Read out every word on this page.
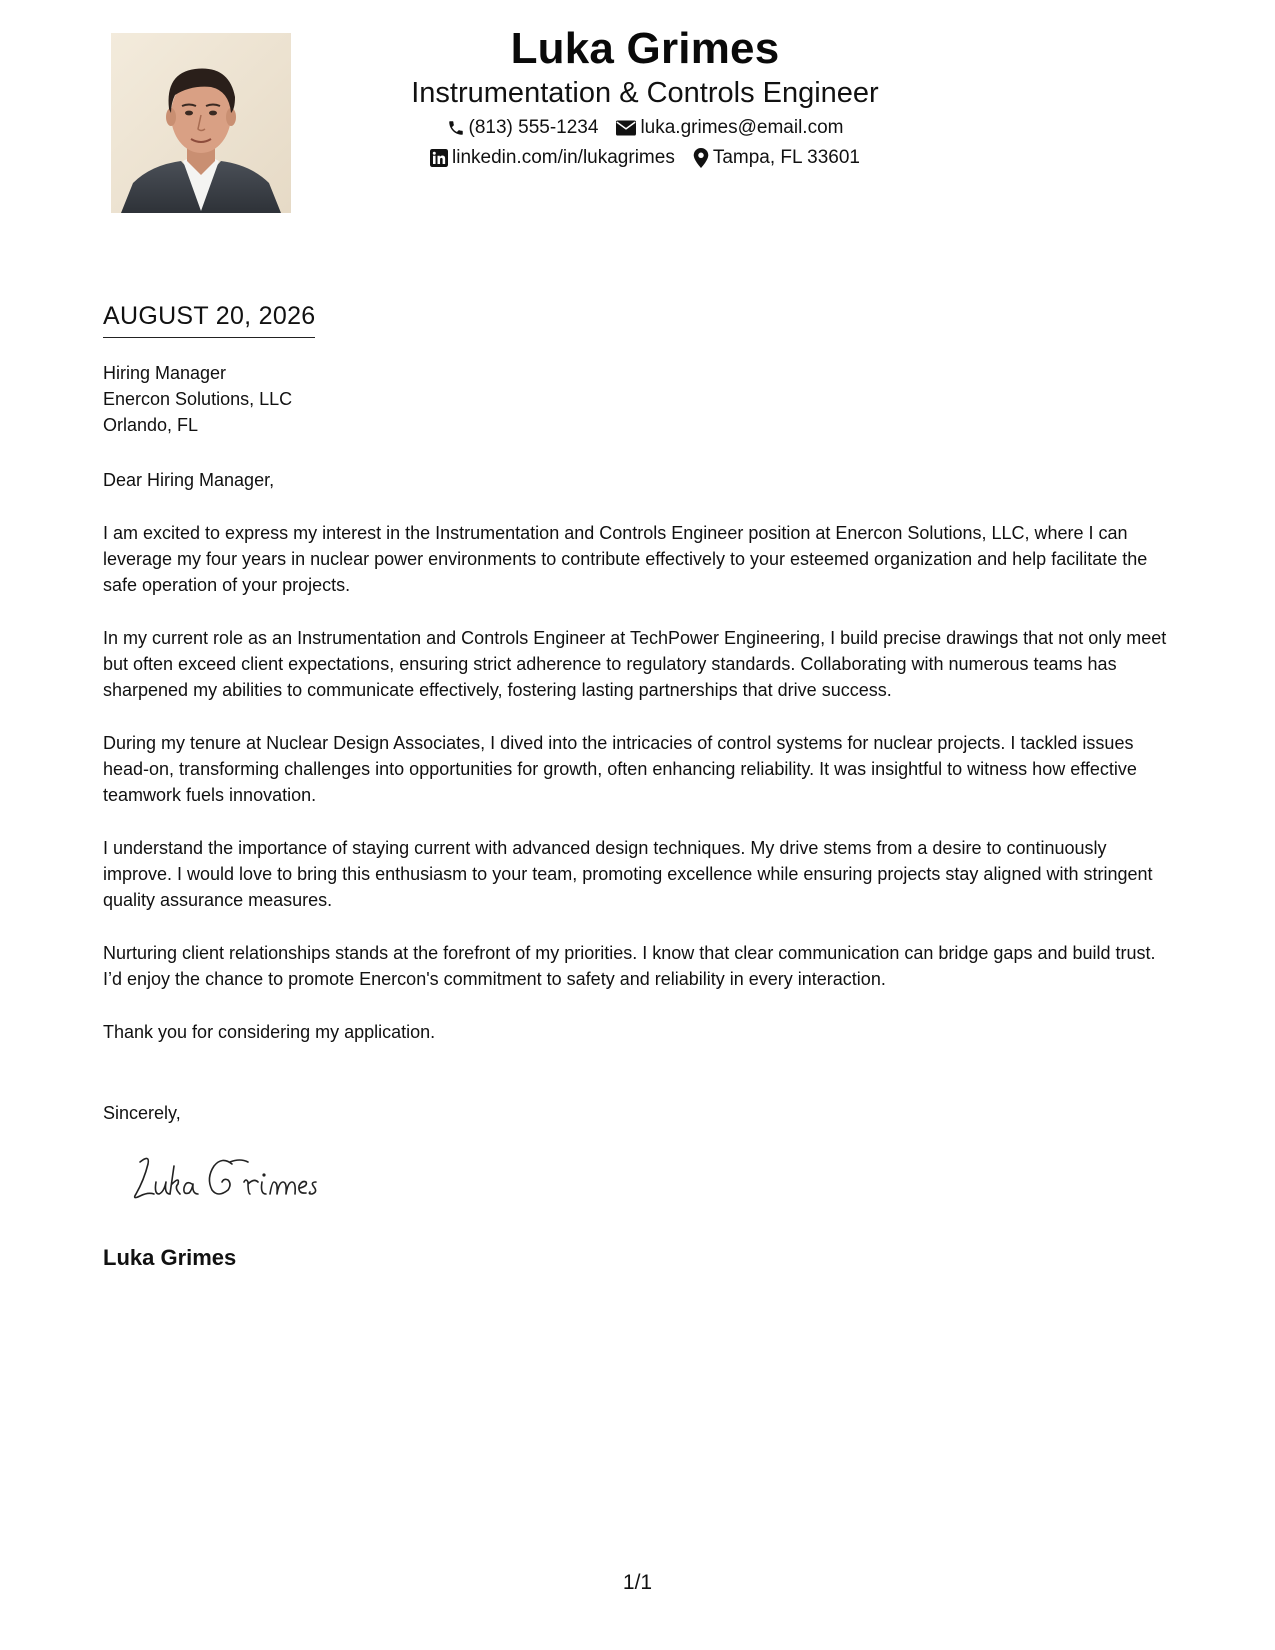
Luka Grimes
Instrumentation & Controls Engineer
(813) 555-1234 luka.grimes@email.com
linkedin.com/in/lukagrimes Tampa, FL 33601
AUGUST 20, 2026
Hiring Manager
Enercon Solutions, LLC
Orlando, FL

Dear Hiring Manager,

I am excited to express my interest in the Instrumentation and Controls Engineer position at Enercon Solutions, LLC, where I can leverage my four years in nuclear power environments to contribute effectively to your esteemed organization and help facilitate the safe operation of your projects.

In my current role as an Instrumentation and Controls Engineer at TechPower Engineering, I build precise drawings that not only meet but often exceed client expectations, ensuring strict adherence to regulatory standards. Collaborating with numerous teams has sharpened my abilities to communicate effectively, fostering lasting partnerships that drive success.

During my tenure at Nuclear Design Associates, I dived into the intricacies of control systems for nuclear projects. I tackled issues head-on, transforming challenges into opportunities for growth, often enhancing reliability. It was insightful to witness how effective teamwork fuels innovation.

I understand the importance of staying current with advanced design techniques. My drive stems from a desire to continuously improve. I would love to bring this enthusiasm to your team, promoting excellence while ensuring projects stay aligned with stringent quality assurance measures.

Nurturing client relationships stands at the forefront of my priorities. I know that clear communication can bridge gaps and build trust. I’d enjoy the chance to promote Enercon's commitment to safety and reliability in every interaction.

Thank you for considering my application.

Sincerely,
Luka Grimes
1/1
